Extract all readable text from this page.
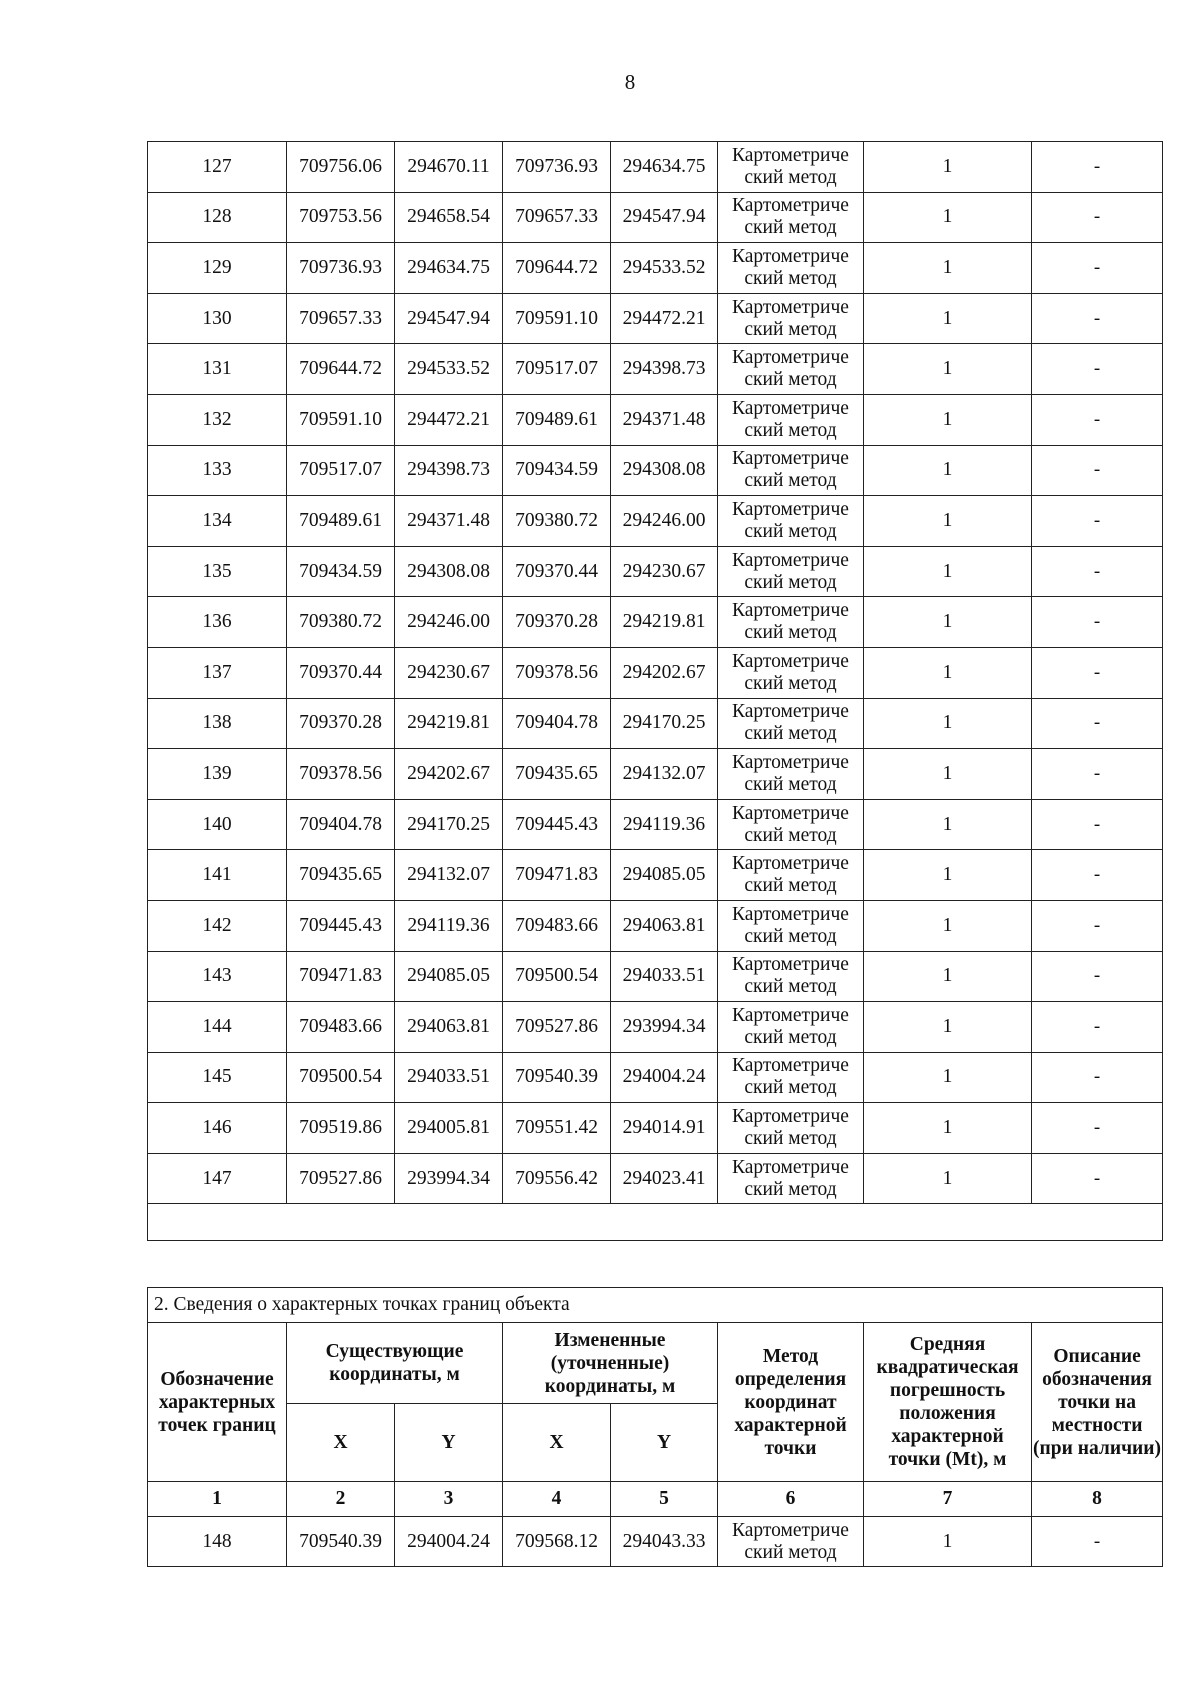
8
127	709756.06	294670.11	709736.93	294634.75	Картометриче ский метод	1	-
128	709753.56	294658.54	709657.33	294547.94	Картометриче ский метод	1	-
129	709736.93	294634.75	709644.72	294533.52	Картометриче ский метод	1	-
130	709657.33	294547.94	709591.10	294472.21	Картометриче ский метод	1	-
131	709644.72	294533.52	709517.07	294398.73	Картометриче ский метод	1	-
132	709591.10	294472.21	709489.61	294371.48	Картометриче ский метод	1	-
133	709517.07	294398.73	709434.59	294308.08	Картометриче ский метод	1	-
134	709489.61	294371.48	709380.72	294246.00	Картометриче ский метод	1	-
135	709434.59	294308.08	709370.44	294230.67	Картометриче ский метод	1	-
136	709380.72	294246.00	709370.28	294219.81	Картометриче ский метод	1	-
137	709370.44	294230.67	709378.56	294202.67	Картометриче ский метод	1	-
138	709370.28	294219.81	709404.78	294170.25	Картометриче ский метод	1	-
139	709378.56	294202.67	709435.65	294132.07	Картометриче ский метод	1	-
140	709404.78	294170.25	709445.43	294119.36	Картометриче ский метод	1	-
141	709435.65	294132.07	709471.83	294085.05	Картометриче ский метод	1	-
142	709445.43	294119.36	709483.66	294063.81	Картометриче ский метод	1	-
143	709471.83	294085.05	709500.54	294033.51	Картометриче ский метод	1	-
144	709483.66	294063.81	709527.86	293994.34	Картометриче ский метод	1	-
145	709500.54	294033.51	709540.39	294004.24	Картометриче ский метод	1	-
146	709519.86	294005.81	709551.42	294014.91	Картометриче ский метод	1	-
147	709527.86	293994.34	709556.42	294023.41	Картометриче ский метод	1	-

2. Сведения о характерных точках границ объекта							
Обозначение характерных точек границ	Существующие координаты, м		Измененные (уточненные) координаты, м		Метод определения координат характерной точки	Средняя квадратическая погрешность положения характерной точки (Mt), м	Описание обозначения точки на местности (при наличии)
	X	Y	X	Y			
1	2	3	4	5	6	7	8
148	709540.39	294004.24	709568.12	294043.33	Картометриче ский метод	1	-
